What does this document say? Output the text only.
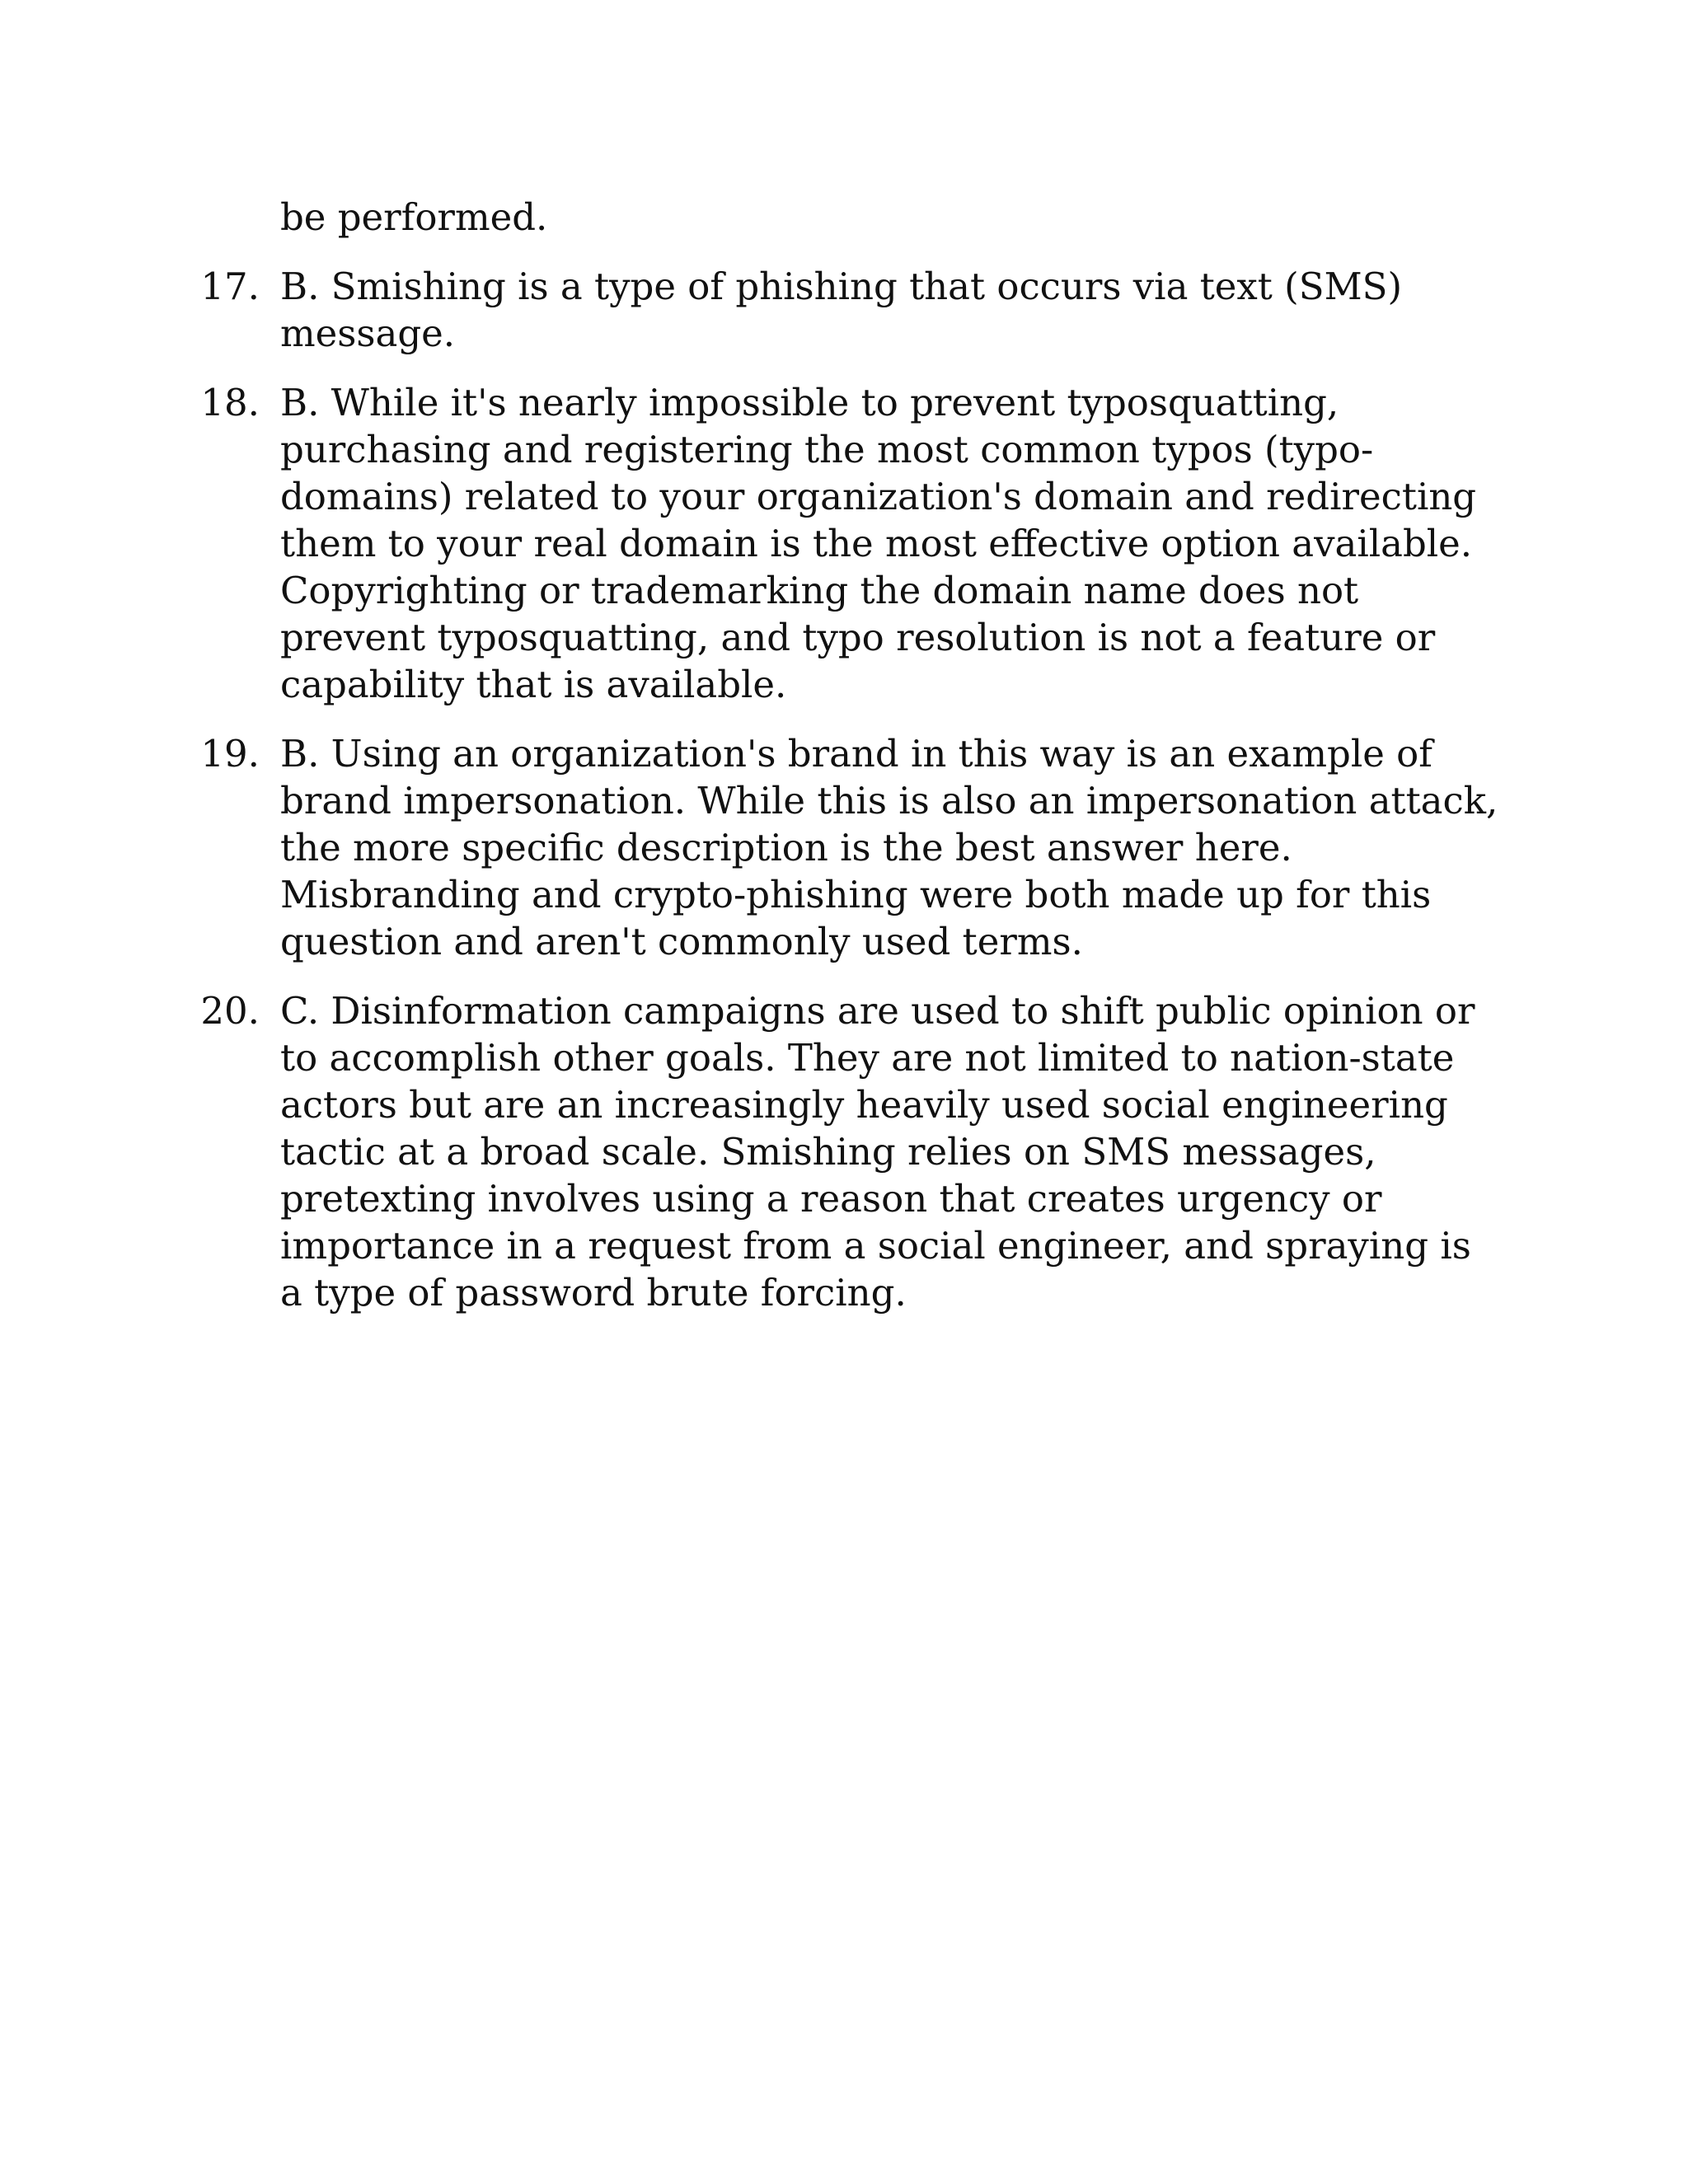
be performed.
17. B. Smishing is a type of phishing that occurs via text (SMS) message.
18. B. While it's nearly impossible to prevent typosquatting, purchasing and registering the most common typos (typo-domains) related to your organization's domain and redirecting them to your real domain is the most effective option available. Copyrighting or trademarking the domain name does not prevent typosquatting, and typo resolution is not a feature or capability that is available.
19. B. Using an organization's brand in this way is an example of brand impersonation. While this is also an impersonation attack, the more specific description is the best answer here. Misbranding and crypto-phishing were both made up for this question and aren't commonly used terms.
20. C. Disinformation campaigns are used to shift public opinion or to accomplish other goals. They are not limited to nation-state actors but are an increasingly heavily used social engineering tactic at a broad scale. Smishing relies on SMS messages, pretexting involves using a reason that creates urgency or importance in a request from a social engineer, and spraying is a type of password brute forcing.
